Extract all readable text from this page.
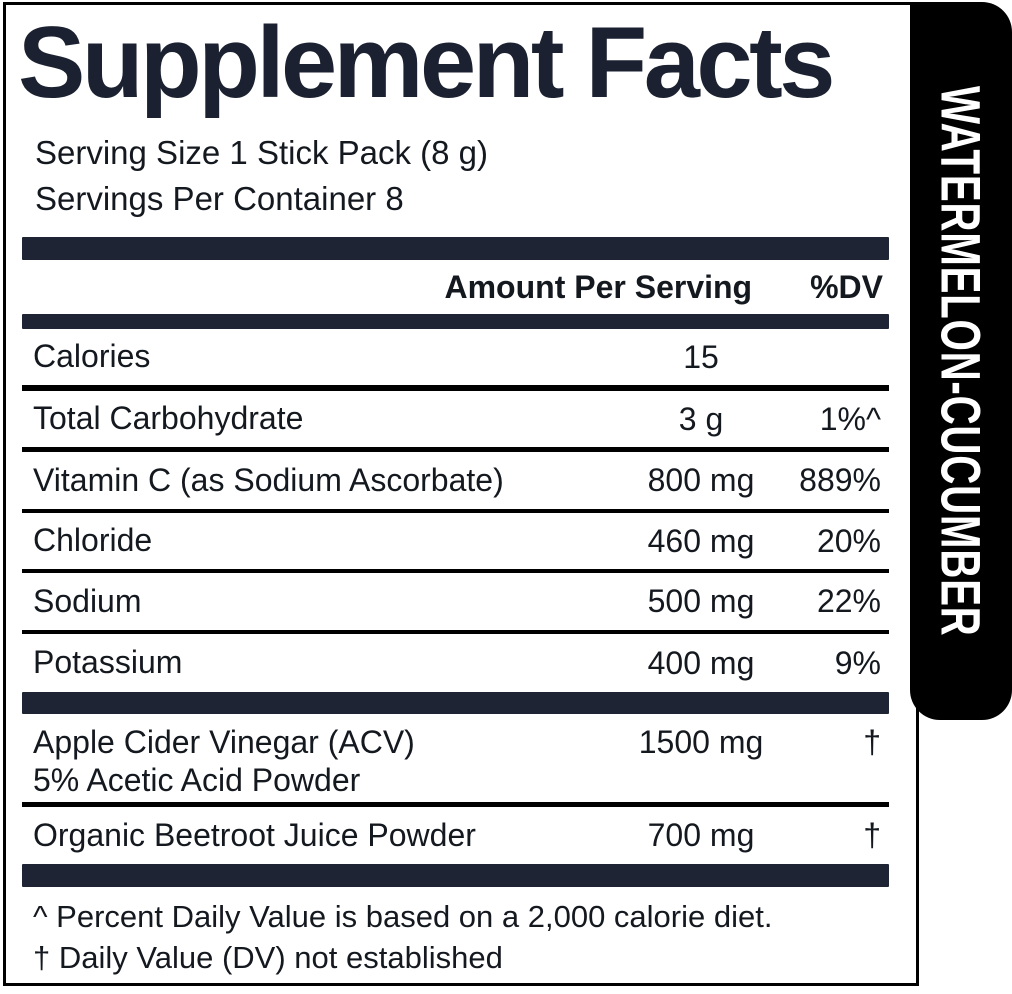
Supplement Facts
Serving Size 1 Stick Pack (8 g)
Servings Per Container 8
Amount Per Serving %DV
Calories	15
Total Carbohydrate	3 g	1%^
Vitamin C (as Sodium Ascorbate)	800 mg	889%
Chloride	460 mg	20%
Sodium	500 mg	22%
Potassium	400 mg	9%
Apple Cider Vinegar (ACV)
5% Acetic Acid Powder
1500 mg	†
Organic Beetroot Juice Powder	700 mg	†
^ Percent Daily Value is based on a 2,000 calorie diet.
† Daily Value (DV) not established
WATERMELON-CUCUMBER
